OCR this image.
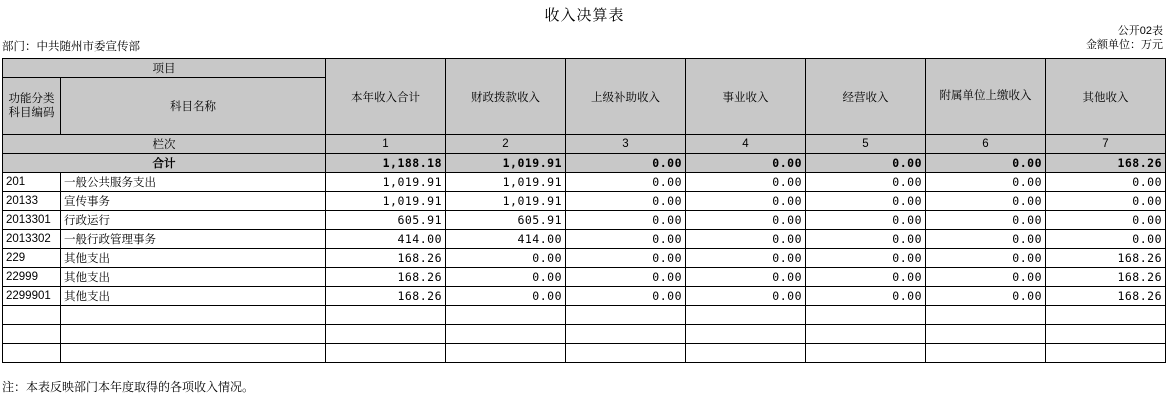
收入决算表
公开02表
金额单位：万元
部门：中共随州市委宣传部
项目		本年收入合计	财政拨款收入	上级补助收入	事业收入	经营收入	附属单位上缴收入	其他收入

功能分类
科目编码	科目名称							
栏次		1	2	3	4	5	6	7
合计		1,188.18	1,019.91	0.00	0.00	0.00	0.00	168.26
201	一般公共服务支出	1,019.91	1,019.91	0.00	0.00	0.00	0.00	0.00
20133	宣传事务	1,019.91	1,019.91	0.00	0.00	0.00	0.00	0.00
2013301	行政运行	605.91	605.91	0.00	0.00	0.00	0.00	0.00
2013302	一般行政管理事务	414.00	414.00	0.00	0.00	0.00	0.00	0.00
229	其他支出	168.26	0.00	0.00	0.00	0.00	0.00	168.26
22999	其他支出	168.26	0.00	0.00	0.00	0.00	0.00	168.26
2299901	其他支出	168.26	0.00	0.00	0.00	0.00	0.00	168.26

注：本表反映部门本年度取得的各项收入情况。
